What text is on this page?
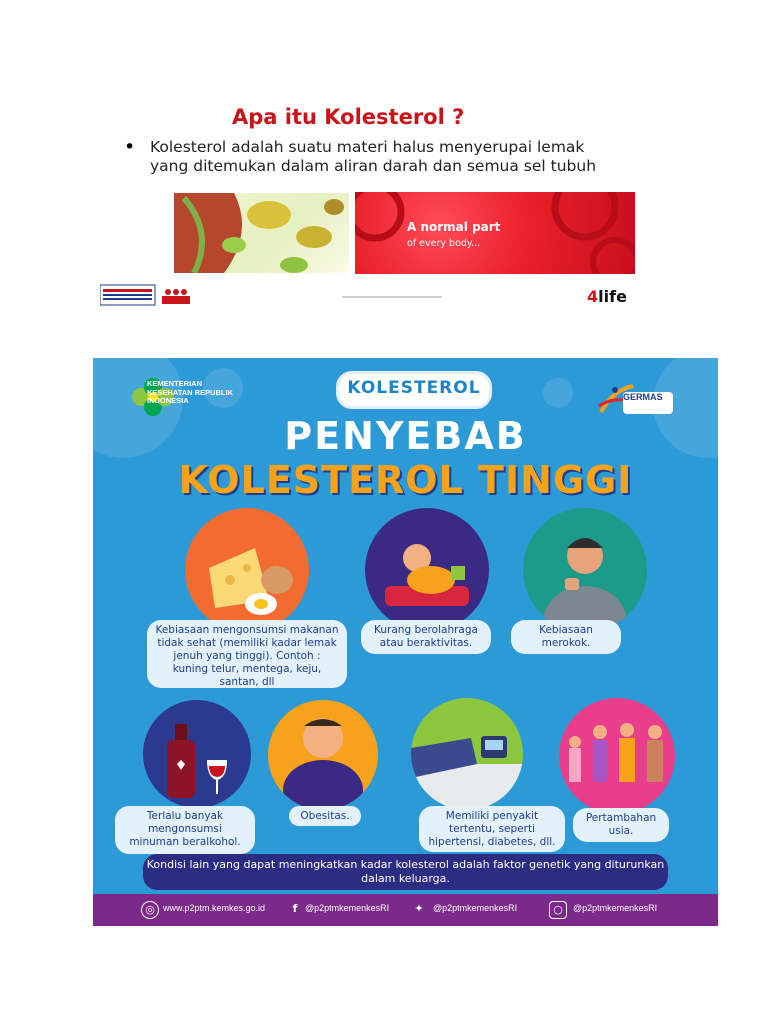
Apa itu Kolesterol ?
• Kolesterol adalah suatu materi halus menyerupai lemak yang ditemukan dalam aliran darah dan semua sel tubuh
A normal part
of every body...
4life
KEMENTERIAN KESEHATAN REPUBLIK INDONESIA
KOLESTEROL	GERMAS
PENYEBAB
KOLESTEROL TINGGI
Kebiasaan mengonsumsi makanan tidak sehat (memiliki kadar lemak jenuh yang tinggi). Contoh : kuning telur, mentega, keju, santan, dll
Kurang berolahraga atau beraktivitas.
Kebiasaan merokok.
Terlalu banyak mengonsumsi minuman beralkohol.
Obesitas.	Memiliki penyakit tertentu, seperti hipertensi, diabetes, dll.
Pertambahan usia.
Kondisi lain yang dapat meningkatkan kadar kolesterol adalah faktor genetik yang diturunkan dalam keluarga.
◎ www.p2ptm.kemkes.go.id	f @p2ptmkemenkesRI	✦	@p2ptmkemenkesRI	○	@p2ptmkemenkesRI
